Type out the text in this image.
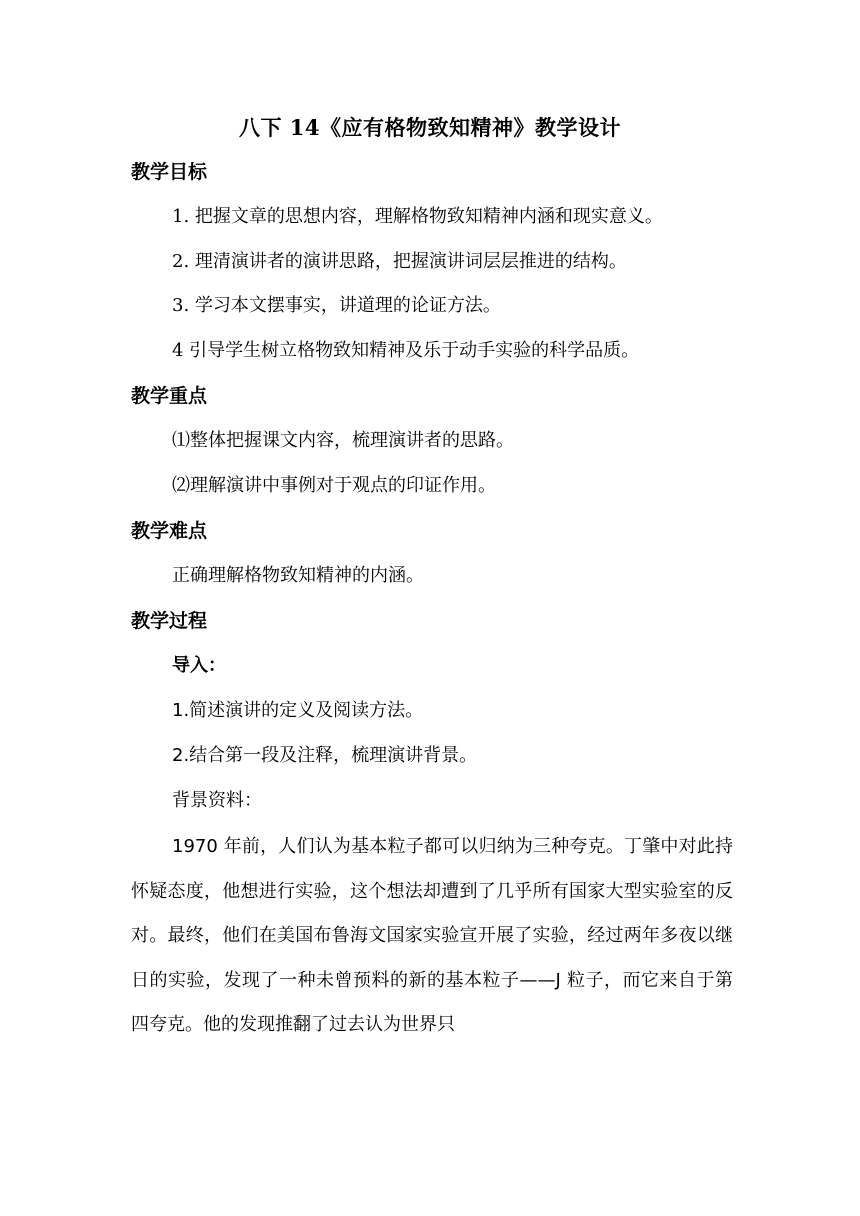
八下 14《应有格物致知精神》教学设计
教学目标
1. 把握文章的思想内容，理解格物致知精神内涵和现实意义。
2. 理清演讲者的演讲思路，把握演讲词层层推进的结构。
3. 学习本文摆事实，讲道理的论证方法。
4 引导学生树立格物致知精神及乐于动手实验的科学品质。
教学重点
⑴整体把握课文内容，梳理演讲者的思路。
⑵理解演讲中事例对于观点的印证作用。
教学难点
正确理解格物致知精神的内涵。
教学过程
导入：
1.简述演讲的定义及阅读方法。
2.结合第一段及注释，梳理演讲背景。
背景资料：
1970 年前，人们认为基本粒子都可以归纳为三种夸克。丁肇中对此持怀疑态度，他想进行实验，这个想法却遭到了几乎所有国家大型实验室的反对。最终，他们在美国布鲁海文国家实验宣开展了实验，经过两年多夜以继日的实验，发现了一种未曾预料的新的基本粒子——J 粒子，而它来自于第四夸克。他的发现推翻了过去认为世界只
